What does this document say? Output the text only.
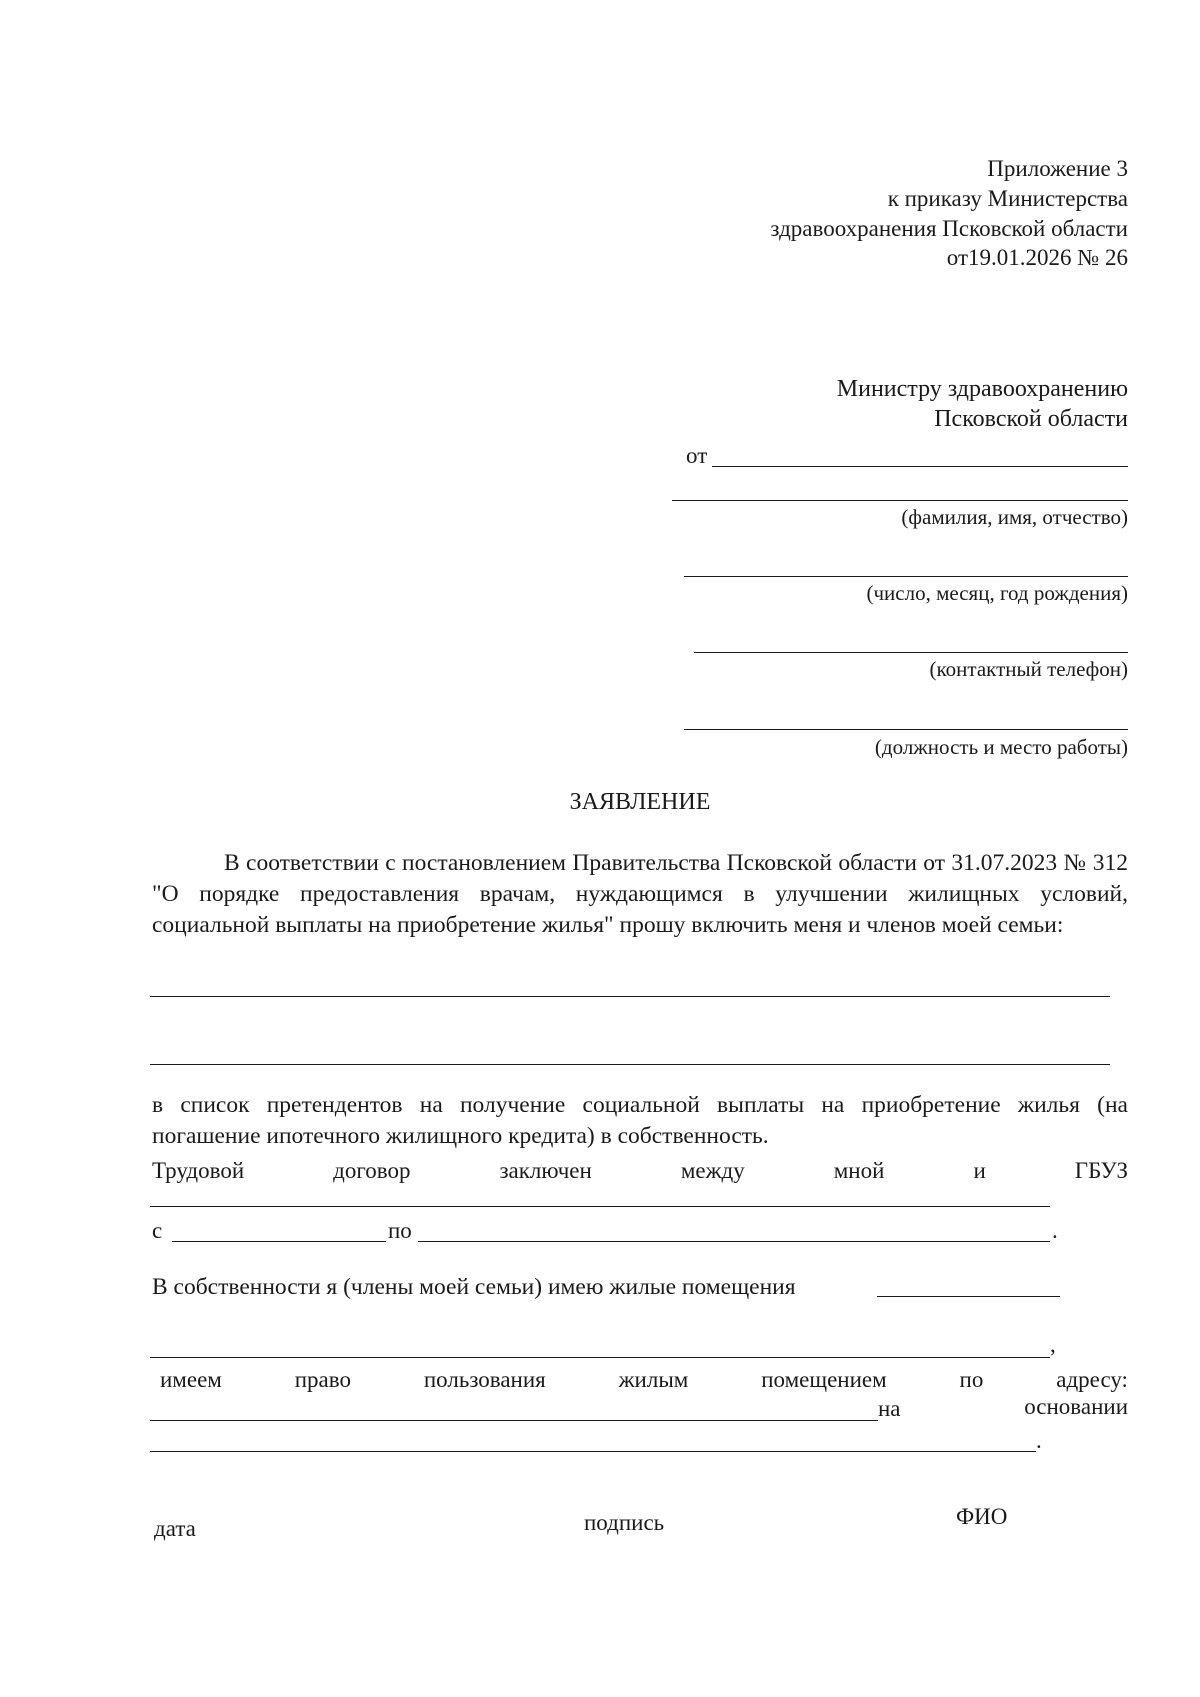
Приложение 3
к приказу Министерства
здравоохранения Псковской области
от19.01.2026 № 26
Министру здравоохранению
Псковской области
от
(фамилия, имя, отчество)
(число, месяц, год рождения)
(контактный телефон)
(должность и место работы)
ЗАЯВЛЕНИЕ
В соответствии с постановлением Правительства Псковской области от 31.07.2023 № 312 "О порядке предоставления врачам, нуждающимся в улучшении жилищных условий, социальной выплаты на приобретение жилья" прошу включить меня и членов моей семьи:
в список претендентов на получение социальной выплаты на приобретение жилья (на погашение ипотечного жилищного кредита) в собственность.
Трудовой	договор	заключен	между	мной	и	ГБУЗ
с	по	.
В собственности я (члены моей семьи) имею жилые помещения
,
имеем	право	пользования	жилым	помещением	по	адресу:
на	основании
.
дата	подпись	ФИО
